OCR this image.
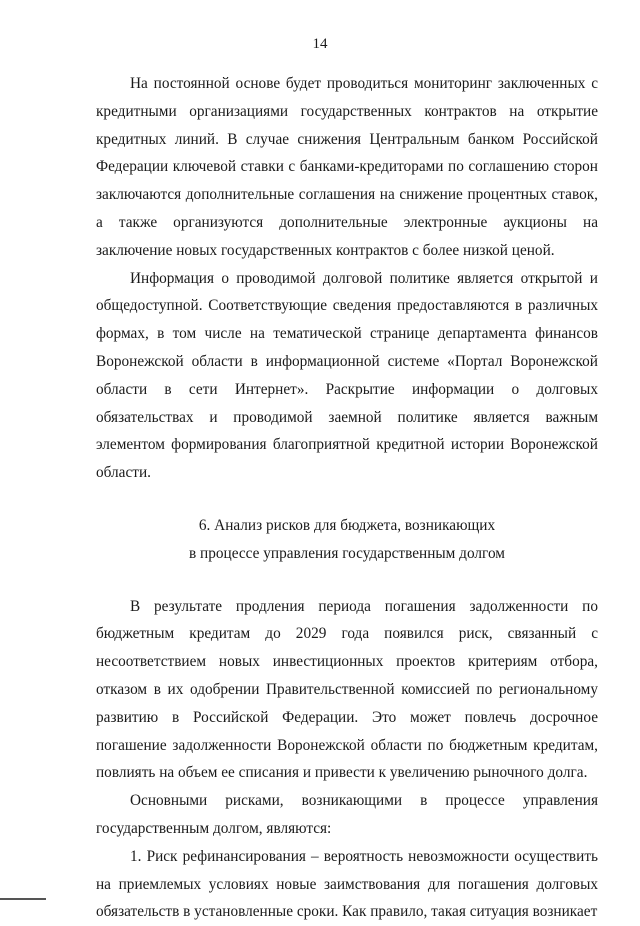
14

На постоянной основе будет проводиться мониторинг заключенных с кредитными организациями государственных контрактов на открытие кредитных линий. В случае снижения Центральным банком Российской Федерации ключевой ставки с банками-кредиторами по соглашению сторон заключаются дополнительные соглашения на снижение процентных ставок, а также организуются дополнительные электронные аукционы на заключение новых государственных контрактов с более низкой ценой.

Информация о проводимой долговой политике является открытой и общедоступной. Соответствующие сведения предоставляются в различных формах, в том числе на тематической странице департамента финансов Воронежской области в информационной системе «Портал Воронежской области в сети Интернет». Раскрытие информации о долговых обязательствах и проводимой заемной политике является важным элементом формирования благоприятной кредитной истории Воронежской области.

6. Анализ рисков для бюджета, возникающих

в процессе управления государственным долгом

В результате продления периода погашения задолженности по бюджетным кредитам до 2029 года появился риск, связанный с несоответствием новых инвестиционных проектов критериям отбора, отказом в их одобрении Правительственной комиссией по региональному развитию в Российской Федерации. Это может повлечь досрочное погашение задолженности Воронежской области по бюджетным кредитам, повлиять на объем ее списания и привести к увеличению рыночного долга.

Основными рисками, возникающими в процессе управления государственным долгом, являются:

1. Риск рефинансирования – вероятность невозможности осуществить на приемлемых условиях новые заимствования для погашения долговых обязательств в установленные сроки. Как правило, такая ситуация возникает
